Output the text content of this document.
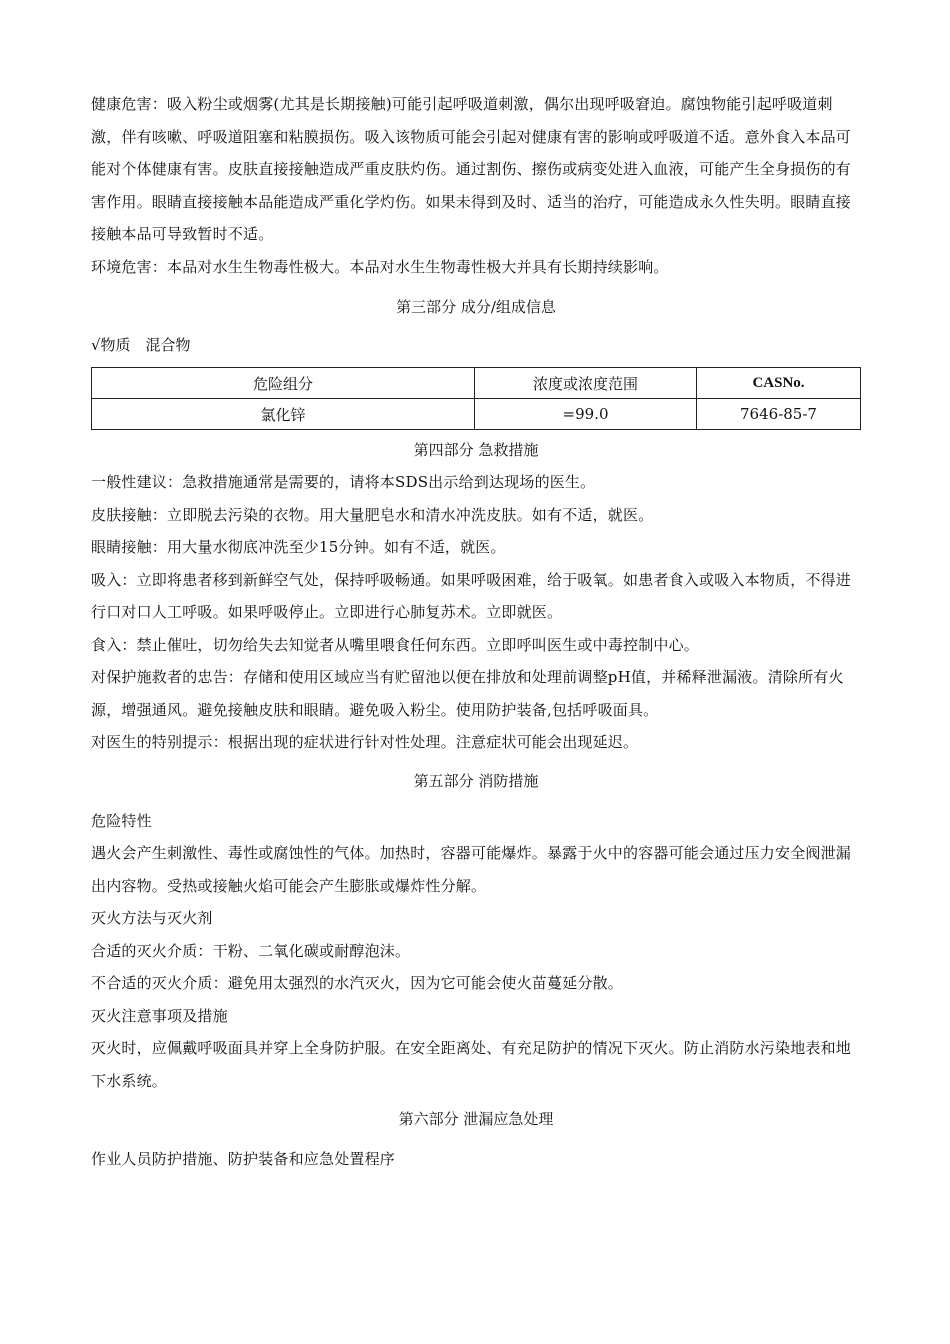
健康危害：吸入粉尘或烟雾(尤其是长期接触)可能引起呼吸道刺激，偶尔出现呼吸窘迫。腐蚀物能引起呼吸道刺激，伴有咳嗽、呼吸道阻塞和粘膜损伤。吸入该物质可能会引起对健康有害的影响或呼吸道不适。意外食入本品可能对个体健康有害。皮肤直接接触造成严重皮肤灼伤。通过割伤、擦伤或病变处进入血液，可能产生全身损伤的有害作用。眼睛直接接触本品能造成严重化学灼伤。如果未得到及时、适当的治疗，可能造成永久性失明。眼睛直接接触本品可导致暂时不适。

环境危害：本品对水生生物毒性极大。本品对水生生物毒性极大并具有长期持续影响。

第三部分 成分/组成信息

√物质　混合物

危险组分	浓度或浓度范围	CASNo.
氯化锌	=99.0	7646-85-7

第四部分 急救措施

一般性建议：急救措施通常是需要的，请将本SDS出示给到达现场的医生。

皮肤接触：立即脱去污染的衣物。用大量肥皂水和清水冲洗皮肤。如有不适，就医。

眼睛接触：用大量水彻底冲洗至少15分钟。如有不适，就医。

吸入：立即将患者移到新鲜空气处，保持呼吸畅通。如果呼吸困难，给于吸氧。如患者食入或吸入本物质，不得进行口对口人工呼吸。如果呼吸停止。立即进行心肺复苏术。立即就医。

食入：禁止催吐，切勿给失去知觉者从嘴里喂食任何东西。立即呼叫医生或中毒控制中心。

对保护施救者的忠告：存储和使用区域应当有贮留池以便在排放和处理前调整pH值，并稀释泄漏液。清除所有火源，增强通风。避免接触皮肤和眼睛。避免吸入粉尘。使用防护装备,包括呼吸面具。

对医生的特别提示：根据出现的症状进行针对性处理。注意症状可能会出现延迟。

第五部分 消防措施

危险特性

遇火会产生刺激性、毒性或腐蚀性的气体。加热时，容器可能爆炸。暴露于火中的容器可能会通过压力安全阀泄漏出内容物。受热或接触火焰可能会产生膨胀或爆炸性分解。

灭火方法与灭火剂

合适的灭火介质：干粉、二氧化碳或耐醇泡沫。

不合适的灭火介质：避免用太强烈的水汽灭火，因为它可能会使火苗蔓延分散。

灭火注意事项及措施

灭火时，应佩戴呼吸面具并穿上全身防护服。在安全距离处、有充足防护的情况下灭火。防止消防水污染地表和地下水系统。

第六部分 泄漏应急处理

作业人员防护措施、防护装备和应急处置程序
